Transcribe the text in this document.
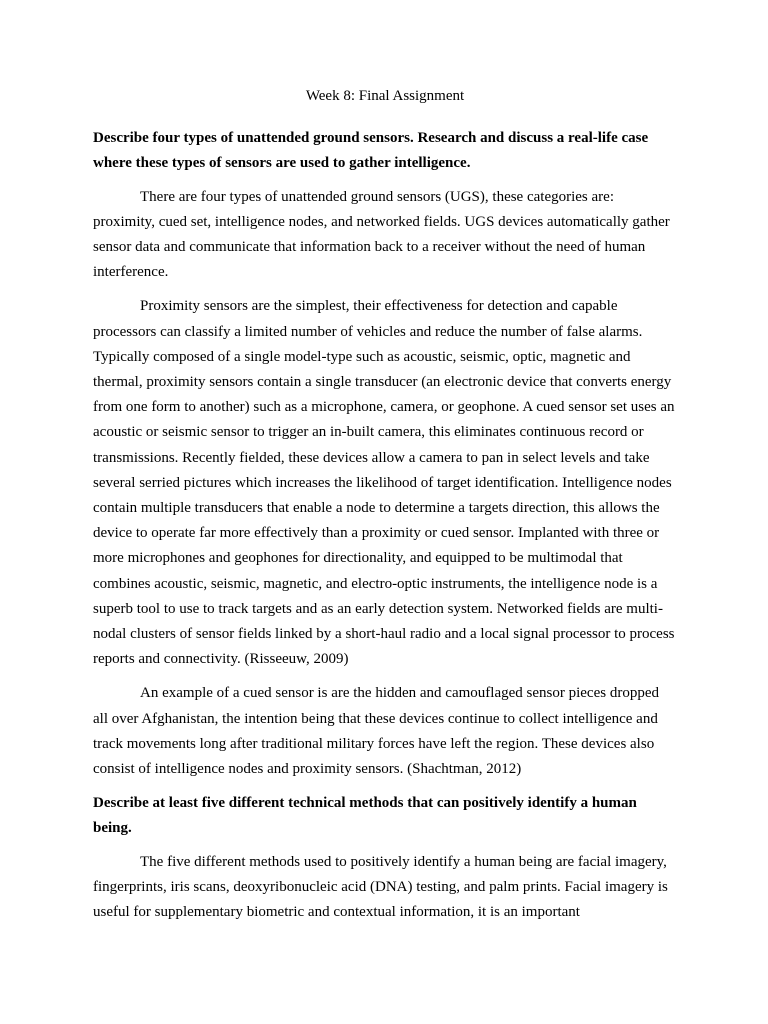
Week 8: Final Assignment

Describe four types of unattended ground sensors. Research and discuss a real-life case where these types of sensors are used to gather intelligence.

There are four types of unattended ground sensors (UGS), these categories are: proximity, cued set, intelligence nodes, and networked fields. UGS devices automatically gather sensor data and communicate that information back to a receiver without the need of human interference.

Proximity sensors are the simplest, their effectiveness for detection and capable processors can classify a limited number of vehicles and reduce the number of false alarms. Typically composed of a single model-type such as acoustic, seismic, optic, magnetic and thermal, proximity sensors contain a single transducer (an electronic device that converts energy from one form to another) such as a microphone, camera, or geophone. A cued sensor set uses an acoustic or seismic sensor to trigger an in-built camera, this eliminates continuous record or transmissions. Recently fielded, these devices allow a camera to pan in select levels and take several serried pictures which increases the likelihood of target identification. Intelligence nodes contain multiple transducers that enable a node to determine a targets direction, this allows the device to operate far more effectively than a proximity or cued sensor. Implanted with three or more microphones and geophones for directionality, and equipped to be multimodal that combines acoustic, seismic, magnetic, and electro-optic instruments, the intelligence node is a superb tool to use to track targets and as an early detection system. Networked fields are multi-nodal clusters of sensor fields linked by a short-haul radio and a local signal processor to process reports and connectivity. (Risseeuw, 2009)

An example of a cued sensor is are the hidden and camouflaged sensor pieces dropped all over Afghanistan, the intention being that these devices continue to collect intelligence and track movements long after traditional military forces have left the region. These devices also consist of intelligence nodes and proximity sensors. (Shachtman, 2012)

Describe at least five different technical methods that can positively identify a human being.

The five different methods used to positively identify a human being are facial imagery, fingerprints, iris scans, deoxyribonucleic acid (DNA) testing, and palm prints. Facial imagery is useful for supplementary biometric and contextual information, it is an important
